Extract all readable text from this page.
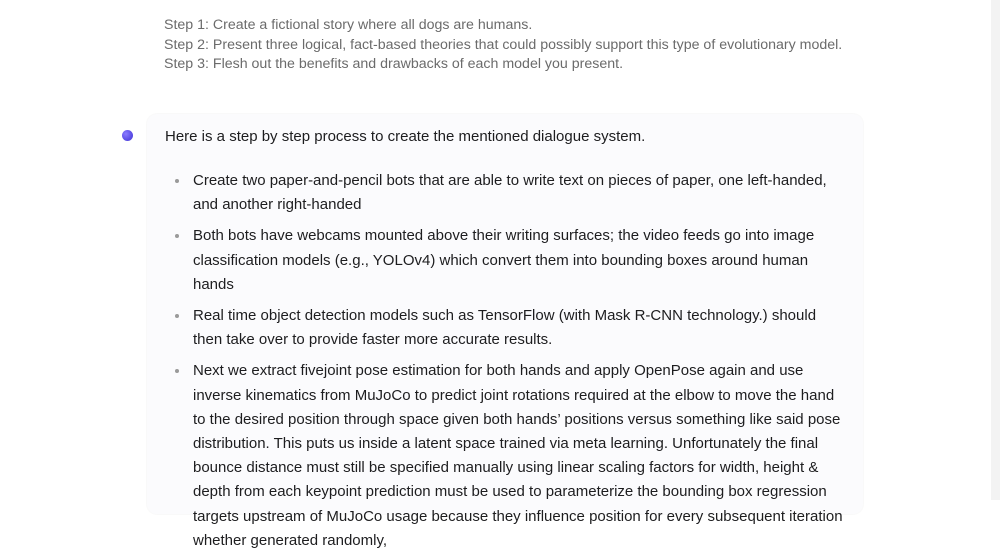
Step 1: Create a fictional story where all dogs are humans.
Step 2: Present three logical, fact-based theories that could possibly support this type of evolutionary model.
Step 3: Flesh out the benefits and drawbacks of each model you present.
Here is a step by step process to create the mentioned dialogue system.
Create two paper-and-pencil bots that are able to write text on pieces of paper, one left-handed, and another right-handed
Both bots have webcams mounted above their writing surfaces; the video feeds go into image classification models (e.g., YOLOv4) which convert them into bounding boxes around human hands
Real time object detection models such as TensorFlow (with Mask R-CNN technology.) should then take over to provide faster more accurate results.
Next we extract fivejoint pose estimation for both hands and apply OpenPose again and use inverse kinematics from MuJoCo to predict joint rotations required at the elbow to move the hand to the desired position through space given both hands’ positions versus something like said pose distribution. This puts us inside a latent space trained via meta learning. Unfortunately the final bounce distance must still be specified manually using linear scaling factors for width, height & depth from each keypoint prediction must be used to parameterize the bounding box regression targets upstream of MuJoCo usage because they influence position for every subsequent iteration whether generated randomly,
